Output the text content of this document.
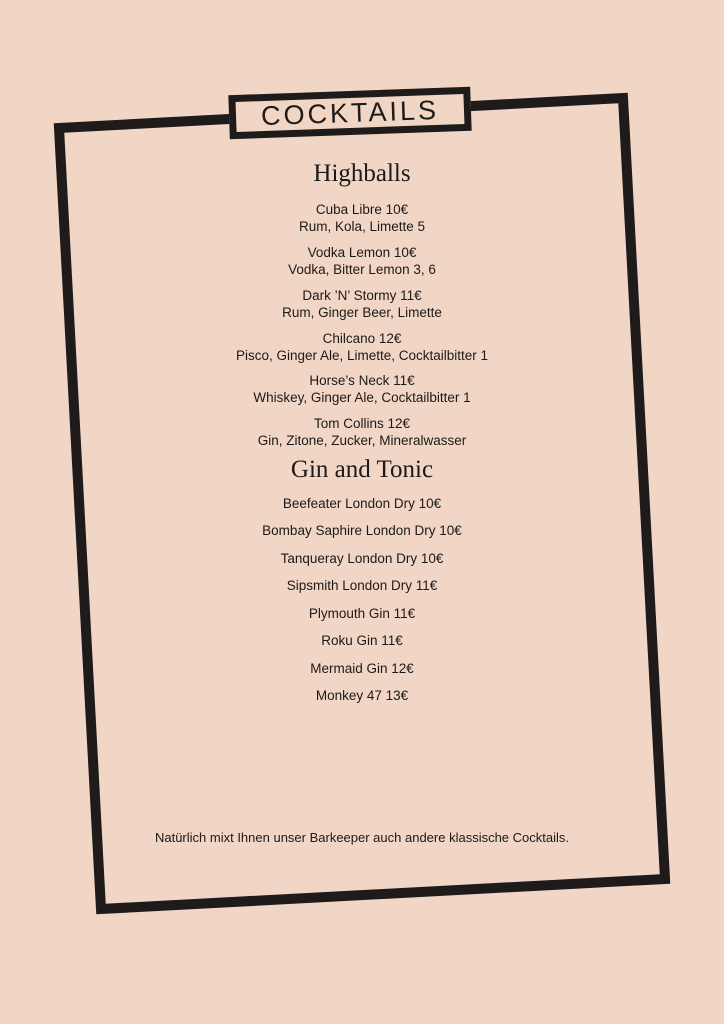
COCKTAILS
Highballs
Cuba Libre 10€
Rum, Kola, Limette 5
Vodka Lemon 10€
Vodka, Bitter Lemon 3, 6
Dark ’N’ Stormy 11€
Rum, Ginger Beer, Limette
Chilcano 12€
Pisco, Ginger Ale, Limette, Cocktailbitter 1
Horse’s Neck 11€
Whiskey, Ginger Ale, Cocktailbitter 1
Tom Collins 12€
Gin, Zitone, Zucker, Mineralwasser
Gin and Tonic
Beefeater London Dry 10€
Bombay Saphire London Dry 10€
Tanqueray London Dry 10€
Sipsmith London Dry 11€
Plymouth Gin 11€
Roku Gin 11€
Mermaid Gin 12€
Monkey 47 13€
Natürlich mixt Ihnen unser Barkeeper auch andere klassische Cocktails.
